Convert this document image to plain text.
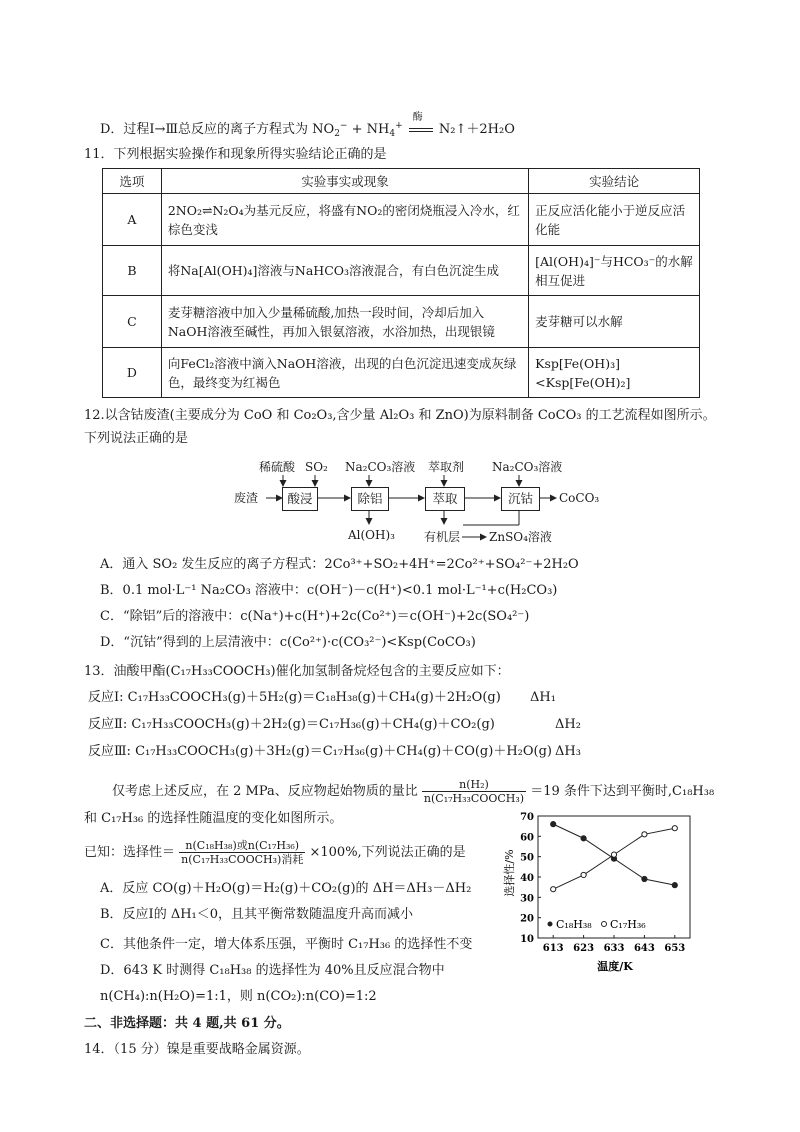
D．过程Ⅰ→Ⅲ总反应的离子方程式为 $NO_2^- + NH_4^+$
酶
N₂↑＋2H₂O
11．下列根据实验操作和现象所得实验结论正确的是
选项	实验事实或现象	实验结论
A	2NO₂⇌N₂O₄为基元反应，将盛有NO₂的密闭烧瓶浸入冷水，红棕色变浅	正反应活化能小于逆反应活化能
B	将Na[Al(OH)₄]溶液与NaHCO₃溶液混合，有白色沉淀生成	[Al(OH)₄]⁻与HCO₃⁻的水解相互促进
C	麦芽糖溶液中加入少量稀硫酸,加热一段时间，冷却后加入NaOH溶液至碱性，再加入银氨溶液，水浴加热，出现银镜	麦芽糖可以水解
D	向FeCl₂溶液中滴入NaOH溶液，出现的白色沉淀迅速变成灰绿色，最终变为红褐色	Ksp[Fe(OH)₃]<Ksp[Fe(OH)₂]
12.以含钴废渣(主要成分为 CoO 和 Co₂O₃,含少量 Al₂O₃ 和 ZnO)为原料制备 CoCO₃ 的工艺流程如图所示。
下列说法正确的是
废渣	酸浸	除铝	萃取	沉钴	CoCO₃
稀硫酸 SO₂ Na₂CO₃溶液 萃取剂 Na₂CO₃溶液
Al(OH)₃ 有机层 ZnSO₄溶液
A．通入 SO₂ 发生反应的离子方程式：2Co³⁺+SO₂+4H⁺=2Co²⁺+SO₄²⁻+2H₂O
B．0.1 mol·L⁻¹ Na₂CO₃ 溶液中：c(OH⁻)－c(H⁺)<0.1 mol·L⁻¹+c(H₂CO₃)
C．“除铝”后的溶液中：c(Na⁺)+c(H⁺)+2c(Co²⁺)＝c(OH⁻)+2c(SO₄²⁻)
D．“沉钴”得到的上层清液中：c(Co²⁺)·c(CO₃²⁻)<Ksp(CoCO₃)
13．油酸甲酯(C₁₇H₃₃COOCH₃)催化加氢制备烷烃包含的主要反应如下：
反应Ⅰ: C₁₇H₃₃COOCH₃(g)＋5H₂(g)＝C₁₈H₃₈(g)＋CH₄(g)＋2H₂O(g) ΔH₁
反应Ⅱ: C₁₇H₃₃COOCH₃(g)＋2H₂(g)＝C₁₇H₃₆(g)＋CH₄(g)＋CO₂(g)	ΔH₂
反应Ⅲ: C₁₇H₃₃COOCH₃(g)＋3H₂(g)＝C₁₇H₃₆(g)＋CH₄(g)＋CO(g)＋H₂O(g) ΔH₃
仅考虑上述反应，在 2 MPa、反应物起始物质的量比 $\frac{\text{n(H₂)}}{\text{n(C₁₇H₃₃COOCH₃)}} =19$ 条件下达到平衡时,C₁₈H₃₈
和 C₁₇H₃₆ 的选择性随温度的变化如图所示。
已知：选择性＝ $\frac{\text{n(C₁₈H₃₈)或n(C₁₇H₃₆)}}{\text{n(C₁₇H₃₃COOCH₃)消耗}} \times 100\%$,下列说法正确的是
A．反应 CO(g)＋H₂O(g)＝H₂(g)＋CO₂(g)的 ΔH＝ΔH₃－ΔH₂
B．反应Ⅰ的 ΔH₁＜0，且其平衡常数随温度升高而减小
C．其他条件一定，增大体系压强，平衡时 C₁₇H₃₆ 的选择性不变
D．643 K 时测得 C₁₈H₃₈ 的选择性为 40%且反应混合物中
n(CH₄):n(H₂O)=1:1，则 n(CO₂):n(CO)=1:2
二、非选择题：共 4 题,共 61 分。
14．（15 分）镍是重要战略金属资源。
10
20
30
40
50
60
70
613 623 633 643 653
选择性/%
温度/K
C₁₈H₃₈ C₁₇H₃₆
